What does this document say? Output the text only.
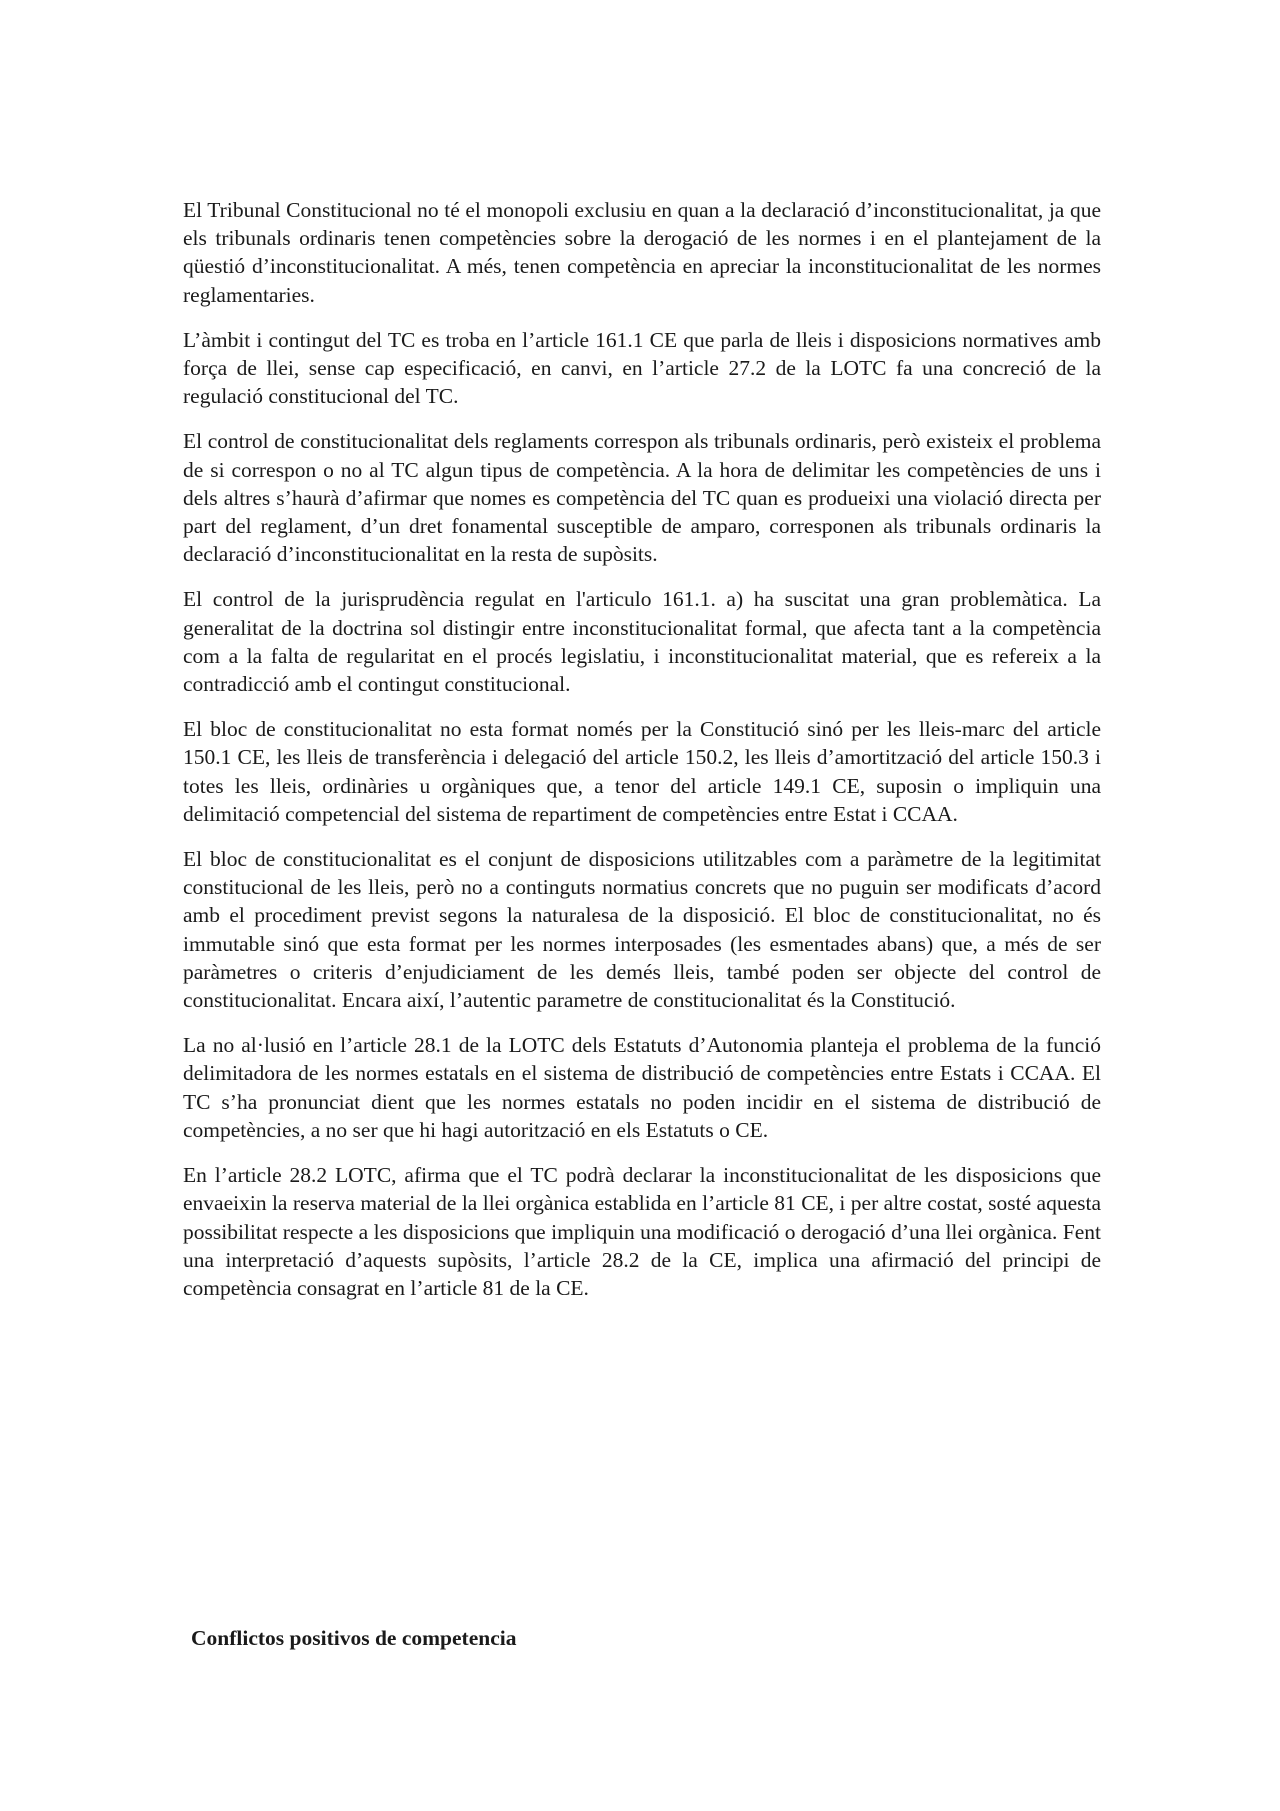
El Tribunal Constitucional no té el monopoli exclusiu en quan a la declaració d’inconstitucionalitat, ja que els tribunals ordinaris tenen competències sobre la derogació de les normes i en el plantejament de la qüestió d’inconstitucionalitat. A més, tenen competència en apreciar la inconstitucionalitat de les normes reglamentaries.

L’àmbit i contingut del TC es troba en l’article 161.1 CE que parla de lleis i disposicions normatives amb força de llei, sense cap especificació, en canvi, en l’article 27.2 de la LOTC fa una concreció de la regulació constitucional del TC.

El control de constitucionalitat dels reglaments correspon als tribunals ordinaris, però existeix el problema de si correspon o no al TC algun tipus de competència. A la hora de delimitar les competències de uns i dels altres s’haurà d’afirmar que nomes es competència del TC quan es produeixi una violació directa per part del reglament, d’un dret fonamental susceptible de amparo, corresponen als tribunals ordinaris la declaració d’inconstitucionalitat en la resta de supòsits.

El control de la jurisprudència regulat en l'articulo 161.1. a) ha suscitat una gran problemàtica. La generalitat de la doctrina sol distingir entre inconstitucionalitat formal, que afecta tant a la competència com a la falta de regularitat en el procés legislatiu, i inconstitucionalitat material, que es refereix a la contradicció amb el contingut constitucional.

El bloc de constitucionalitat no esta format només per la Constitució sinó per les lleis-marc del article 150.1 CE, les lleis de transferència i delegació del article 150.2, les lleis d’amortització del article 150.3 i totes les lleis, ordinàries u orgàniques que, a tenor del article 149.1 CE, suposin o impliquin una delimitació competencial del sistema de repartiment de competències entre Estat i CCAA.

El bloc de constitucionalitat es el conjunt de disposicions utilitzables com a paràmetre de la legitimitat constitucional de les lleis, però no a continguts normatius concrets que no puguin ser modificats d’acord amb el procediment previst segons la naturalesa de la disposició. El bloc de constitucionalitat, no és immutable sinó que esta format per les normes interposades (les esmentades abans) que, a més de ser paràmetres o criteris d’enjudiciament de les demés lleis, també poden ser objecte del control de constitucionalitat. Encara així, l’autentic parametre de constitucionalitat és la Constitució.

La no al·lusió en l’article 28.1 de la LOTC dels Estatuts d’Autonomia planteja el problema de la funció delimitadora de les normes estatals en el sistema de distribució de competències entre Estats i CCAA. El TC s’ha pronunciat dient que les normes estatals no poden incidir en el sistema de distribució de competències, a no ser que hi hagi autorització en els Estatuts o CE.

En l’article 28.2 LOTC, afirma que el TC podrà declarar la inconstitucionalitat de les disposicions que envaeixin la reserva material de la llei orgànica establida en l’article 81 CE, i per altre costat, sosté aquesta possibilitat respecte a les disposicions que impliquin una modificació o derogació d’una llei orgànica. Fent una interpretació d’aquests supòsits, l’article 28.2 de la CE, implica una afirmació del principi de competència consagrat en l’article 81 de la CE.

Conflictos positivos de competencia
